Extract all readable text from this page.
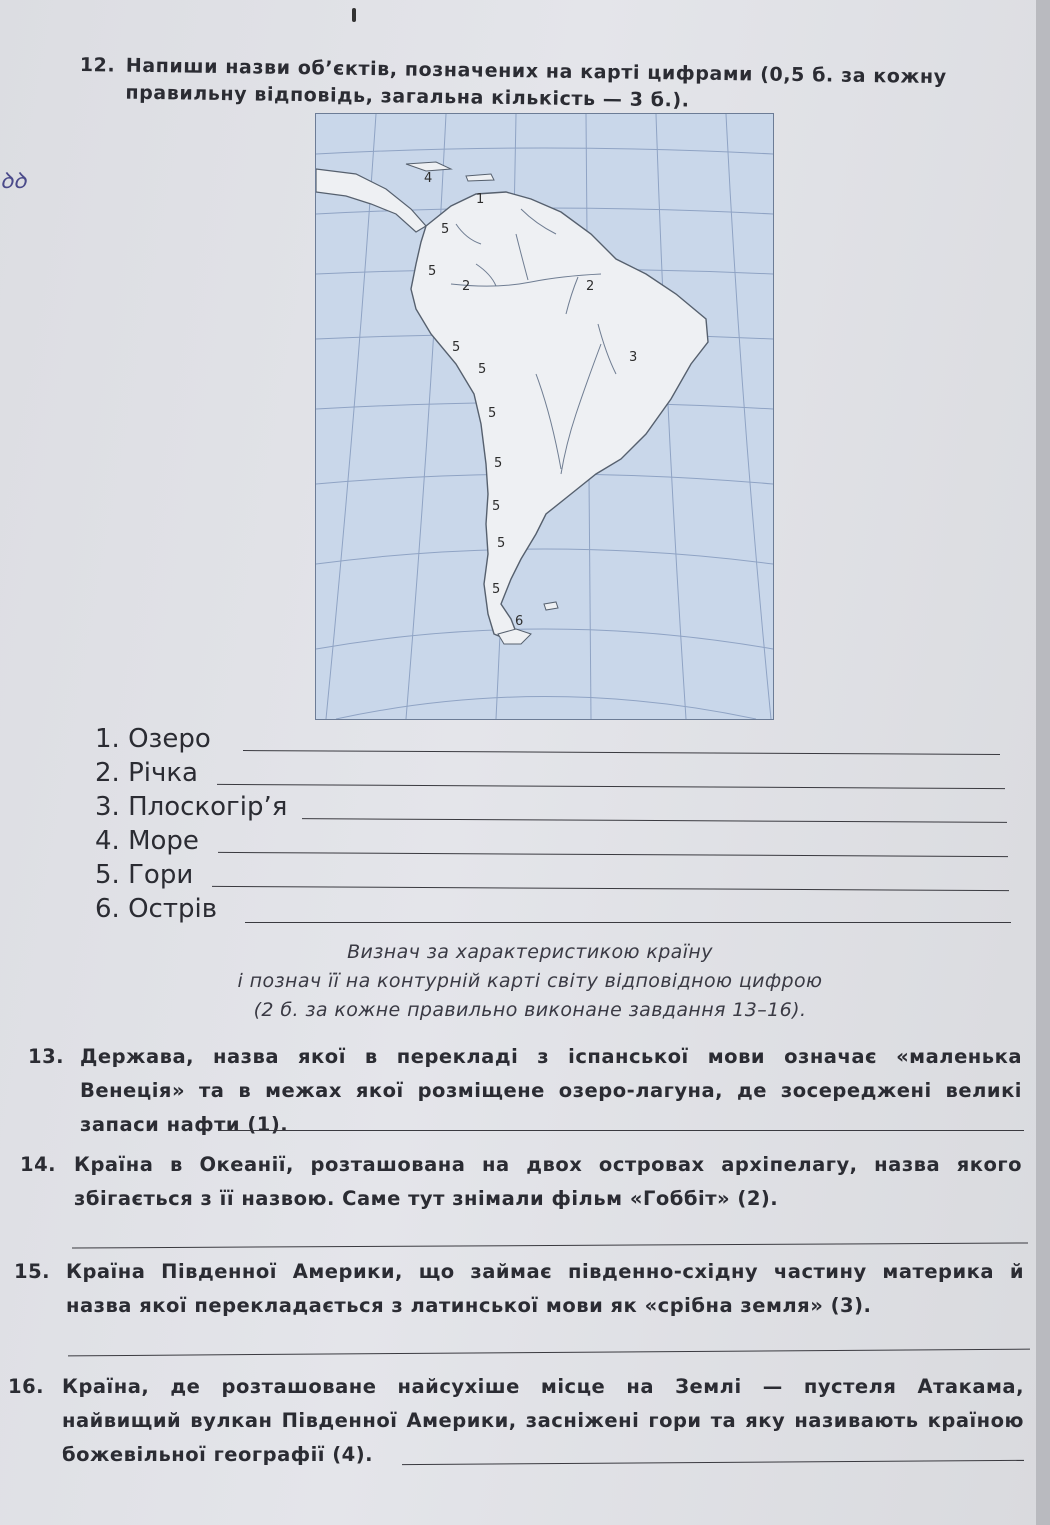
ꝺꝺ
12. Напиши назви об’єктів, позначених на карті цифрами (0,5 б. за кожну правильну відповідь, загальна кількість — 3 б.).
1
2	2
3
4
5
5
5
5
5
5
5
5
5
6
1. Озеро
2. Річка
3. Плоскогір’я
4. Море
5. Гори
6. Острів
Визнач за характеристикою країну
і познач її на контурній карті світу відповідною цифрою
(2 б. за кожне правильно виконане завдання 13–16).
13. Держава, назва якої в перекладі з іспанської мови означає «маленька Венеція» та в межах якої розміщене озеро-лагуна, де зосереджені великі запаси нафти (1).
14. Країна в Океанії, розташована на двох островах архіпелагу, назва якого збігається з її назвою. Саме тут знімали фільм «Гоббіт» (2).
15. Країна Південної Америки, що займає південно-східну частину материка й назва якої перекладається з латинської мови як «срібна земля» (3).
16. Країна, де розташоване найсухіше місце на Землі — пустеля Атакама, найвищий вулкан Південної Америки, засніжені гори та яку називають країною божевільної географії (4).
